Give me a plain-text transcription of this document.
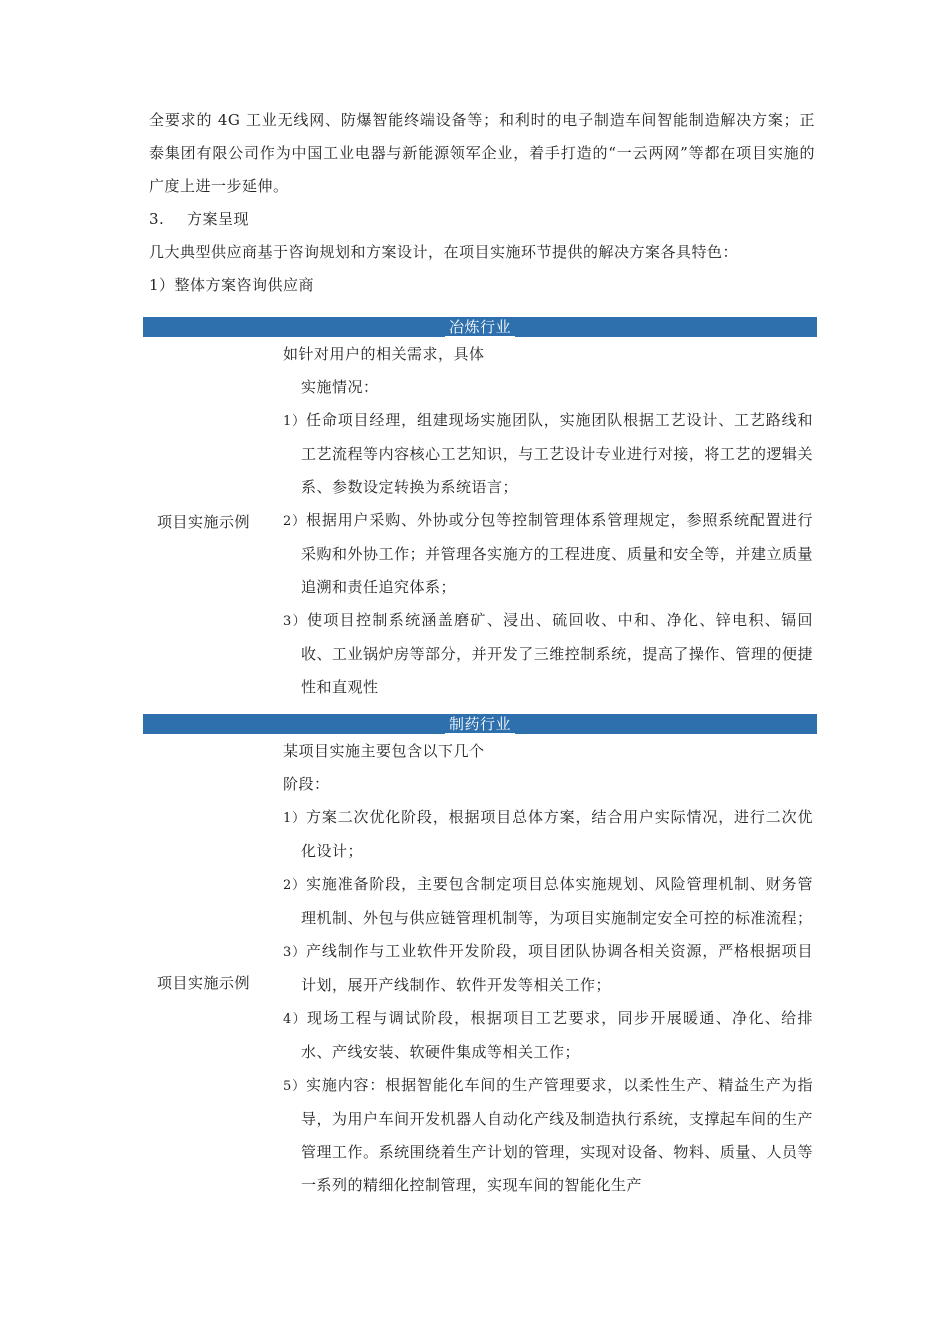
全要求的 4G 工业无线网、防爆智能终端设备等；和利时的电子制造车间智能制造解决方案；正泰集团有限公司作为中国工业电器与新能源领军企业，着手打造的“一云两网”等都在项目实施的广度上进一步延伸。
3. 方案呈现
几大典型供应商基于咨询规划和方案设计，在项目实施环节提供的解决方案各具特色：
1）整体方案咨询供应商
冶炼行业
项目实施示例
如针对用户的相关需求，具体
实施情况：
1）任命项目经理，组建现场实施团队，实施团队根据工艺设计、工艺路线和工艺流程等内容核心工艺知识，与工艺设计专业进行对接，将工艺的逻辑关系、参数设定转换为系统语言；
2）根据用户采购、外协或分包等控制管理体系管理规定，参照系统配置进行采购和外协工作；并管理各实施方的工程进度、质量和安全等，并建立质量追溯和责任追究体系；
3）使项目控制系统涵盖磨矿、浸出、硫回收、中和、净化、锌电积、镉回收、工业锅炉房等部分，并开发了三维控制系统，提高了操作、管理的便捷性和直观性
制药行业
项目实施示例
某项目实施主要包含以下几个
阶段：
1）方案二次优化阶段，根据项目总体方案，结合用户实际情况，进行二次优化设计；
2）实施准备阶段，主要包含制定项目总体实施规划、风险管理机制、财务管理机制、外包与供应链管理机制等，为项目实施制定安全可控的标准流程；
3）产线制作与工业软件开发阶段，项目团队协调各相关资源，严格根据项目计划，展开产线制作、软件开发等相关工作；
4）现场工程与调试阶段，根据项目工艺要求，同步开展暖通、净化、给排水、产线安装、软硬件集成等相关工作；
5）实施内容：根据智能化车间的生产管理要求，以柔性生产、精益生产为指导，为用户车间开发机器人自动化产线及制造执行系统，支撑起车间的生产管理工作。系统围绕着生产计划的管理，实现对设备、物料、质量、人员等一系列的精细化控制管理，实现车间的智能化生产
